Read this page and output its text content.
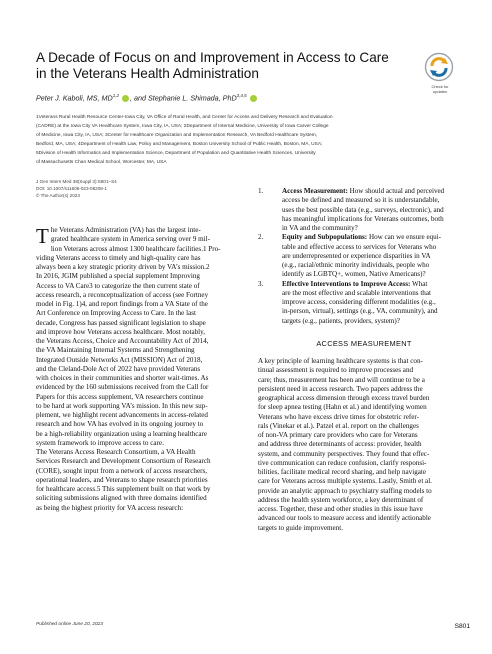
A Decade of Focus on and Improvement in Access to Care
in the Veterans Health Administration
Check for
updates
Peter J. Kaboli, MS, MD$^{1,2}$ , and Stephanie L. Shimada, PhD$^{3,4,5}$
1Veterans Rural Health Resource Center-Iowa City, VA Office of Rural Health, and Center for Access and Delivery Research and Evaluation
(CADRE) at the Iowa City VA Healthcare System, Iowa City, IA, USA; 2Department of Internal Medicine, University of Iowa Carver College
of Medicine, Iowa City, IA, USA; 3Center for Healthcare Organization and Implementation Research, VA Bedford Healthcare System,
Bedford, MA, USA; 4Department of Health Law, Policy and Management, Boston University School of Public Health, Boston, MA, USA;
5Division of Health Informatics and Implementation Science, Department of Population and Quantitative Health Sciences, University
of Massachusetts Chan Medical School, Worcester, MA, USA
J Gen Intern Med 38(Suppl 3):S801–S4
DOI: 10.1007/s11606-023-08208-1
© The Author(s) 2023
T he Veterans Administration (VA) has the largest inte-
grated healthcare system in America serving over 9 mil-
lion Veterans across almost 1300 healthcare facilities.1 Pro-
viding Veterans access to timely and high-quality care has
always been a key strategic priority driven by VA’s mission.2
In 2016, JGIM published a special supplement Improving
Access to VA Care3 to categorize the then current state of
access research, a reconceptualization of access (see Fortney
model in Fig. 1)4, and report findings from a VA State of the
Art Conference on Improving Access to Care. In the last
decade, Congress has passed significant legislation to shape
and improve how Veterans access healthcare. Most notably,
the Veterans Access, Choice and Accountability Act of 2014,
the VA Maintaining Internal Systems and Strengthening
Integrated Outside Networks Act (MISSION) Act of 2018,
and the Cleland-Dole Act of 2022 have provided Veterans
with choices in their communities and shorter wait-times. As
evidenced by the 160 submissions received from the Call for
Papers for this access supplement, VA researchers continue
to be hard at work supporting VA’s mission. In this new sup-
plement, we highlight recent advancements in access-related
research and how VA has evolved in its ongoing journey to
be a high-reliability organization using a learning healthcare
system framework to improve access to care.
The Veterans Access Research Consortium, a VA Health
Services Research and Development Consortium of Research
(CORE), sought input from a network of access researchers,
operational leaders, and Veterans to shape research priorities
for healthcare access.5 This supplement built on that work by
soliciting submissions aligned with three domains identified
as being the highest priority for VA access research:
1.	Access Measurement: How should actual and perceived
access be defined and measured so it is understandable,
uses the best possible data (e.g., surveys, electronic), and
has meaningful implications for Veterans outcomes, both
in VA and the community?
2.	Equity and Subpopulations: How can we ensure equi-
table and effective access to services for Veterans who
are underrepresented or experience disparities in VA
(e.g., racial/ethnic minority individuals, people who
identify as LGBTQ+, women, Native Americans)?
3.	Effective Interventions to Improve Access: What
are the most effective and scalable interventions that
improve access, considering different modalities (e.g.,
in-person, virtual), settings (e.g., VA, community), and
targets (e.g., patients, providers, system)?
ACCESS MEASUREMENT
A key principle of learning healthcare systems is that con-
tinual assessment is required to improve processes and
care; thus, measurement has been and will continue to be a
persistent need in access research. Two papers address the
geographical access dimension through excess travel burden
for sleep apnea testing (Hahn et al.) and identifying women
Veterans who have excess drive times for obstetric refer-
rals (Vinekar et al.). Patzel et al. report on the challenges
of non-VA primary care providers who care for Veterans
and address three determinants of access: provider, health
system, and community perspectives. They found that effec-
tive communication can reduce confusion, clarify responsi-
bilities, facilitate medical record sharing, and help navigate
care for Veterans across multiple systems. Lastly, Smith et al.
provide an analytic approach to psychiatry staffing models to
address the health system workforce, a key determinant of
access. Together, these and other studies in this issue have
advanced our tools to measure access and identify actionable
targets to guide improvement.
Published online June 20, 2023	S801
